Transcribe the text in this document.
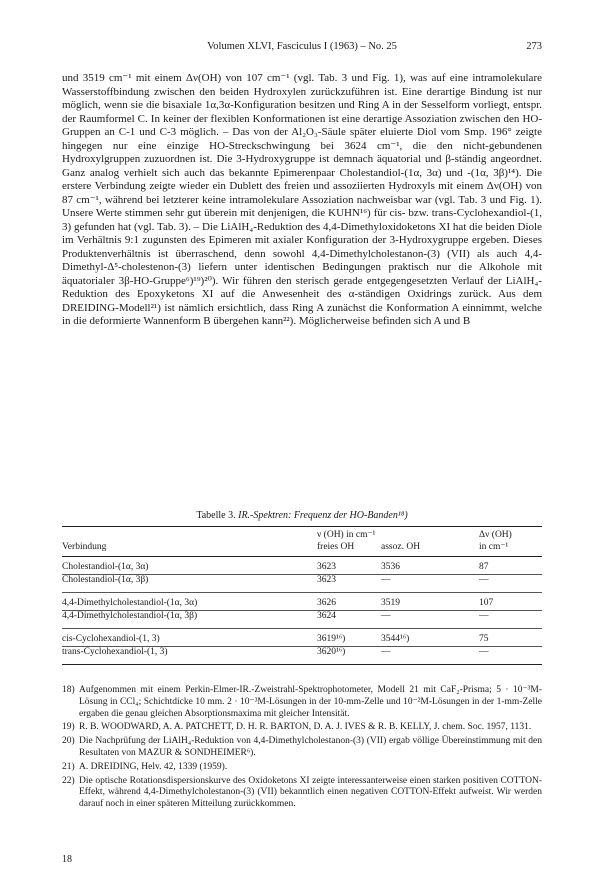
Volumen XLVI, Fasciculus I (1963) – No. 25	273

und 3519 cm⁻¹ mit einem Δν(OH) von 107 cm⁻¹ (vgl. Tab. 3 und Fig. 1), was auf eine intramolekulare Wasserstoffbindung zwischen den beiden Hydroxylen zurückzuführen ist. Eine derartige Bindung ist nur möglich, wenn sie die bisaxiale 1α,3α-Konfiguration besitzen und Ring A in der Sesselform vorliegt, entspr. der Raumformel C. In keiner der flexiblen Konformationen ist eine derartige Assoziation zwischen den HO-Gruppen an C-1 und C-3 möglich. – Das von der Al₂O₃-Säule später eluierte Diol vom Smp. 196° zeigte hingegen nur eine einzige HO-Streckschwingung bei 3624 cm⁻¹, die den nicht-gebundenen Hydroxylgruppen zuzuordnen ist. Die 3-Hydroxygruppe ist demnach äquatorial und β-ständig angeordnet. Ganz analog verhielt sich auch das bekannte Epimerenpaar Cholestandiol-(1α, 3α) und -(1α, 3β)¹⁴). Die erstere Verbindung zeigte wieder ein Dublett des freien und assoziierten Hydroxyls mit einem Δν(OH) von 87 cm⁻¹, während bei letzterer keine intramolekulare Assoziation nachweisbar war (vgl. Tab. 3 und Fig. 1). Unsere Werte stimmen sehr gut überein mit denjenigen, die KUHN¹⁶) für cis- bzw. trans-Cyclohexandiol-(1, 3) gefunden hat (vgl. Tab. 3). – Die LiAlH₄-Reduktion des 4,4-Dimethyloxidoketons XI hat die beiden Diole im Verhältnis 9:1 zugunsten des Epimeren mit axialer Konfiguration der 3-Hydroxygruppe ergeben. Dieses Produktenverhältnis ist überraschend, denn sowohl 4,4-Dimethylcholestanon-(3) (VII) als auch 4,4-Dimethyl-Δ⁵-cholestenon-(3) liefern unter identischen Bedingungen praktisch nur die Alkohole mit äquatorialer 3β-HO-Gruppe⁶)¹⁹)²⁰). Wir führen den sterisch gerade entgegengesetzten Verlauf der LiAlH₄-Reduktion des Epoxyketons XI auf die Anwesenheit des α-ständigen Oxidrings zurück. Aus dem DREIDING-Modell²¹) ist nämlich ersichtlich, dass Ring A zunächst die Konformation A einnimmt, welche in die deformierte Wannenform B übergehen kann²²). Möglicherweise befinden sich A und B

Tabelle 3. IR.-Spektren: Frequenz der HO-Banden¹⁸)
	ν (OH) in cm⁻¹		Δν (OH)
Verbindung	freies OH	assoz. OH	in cm⁻¹
Cholestandiol-(1α, 3α)	3623	3536	87
Cholestandiol-(1α, 3β)	3623	—	—
4,4-Dimethylcholestandiol-(1α, 3α)	3626	3519	107
4,4-Dimethylcholestandiol-(1α, 3β)	3624	—	—
cis-Cyclohexandiol-(1, 3)	3619¹⁶)	3544¹⁶)	75
trans-Cyclohexandiol-(1, 3)	3620¹⁶)	—	—
18) Aufgenommen mit einem Perkin-Elmer-IR.-Zweistrahl-Spektrophotometer, Modell 21 mit CaF₂-Prisma; 5 · 10⁻³M-Lösung in CCl₄; Schichtdicke 10 mm. 2 · 10⁻³M-Lösungen in der 10-mm-Zelle und 10⁻²M-Lösungen in der 1-mm-Zelle ergaben die genau gleichen Absorptionsmaxima mit gleicher Intensität.
19) R. B. WOODWARD, A. A. PATCHETT, D. H. R. BARTON, D. A. J. IVES & R. B. KELLY, J. chem. Soc. 1957, 1131.
20) Die Nachprüfung der LiAlH₄-Reduktion von 4,4-Dimethylcholestanon-(3) (VII) ergab völlige Übereinstimmung mit den Resultaten von MAZUR & SONDHEIMER⁶).
21) A. DREIDING, Helv. 42, 1339 (1959).
22) Die optische Rotationsdispersionskurve des Oxidoketons XI zeigte interessanterweise einen starken positiven COTTON-Effekt, während 4,4-Dimethylcholestanon-(3) (VII) bekanntlich einen negativen COTTON-Effekt aufweist. Wir werden darauf noch in einer späteren Mitteilung zurückkommen.
18
